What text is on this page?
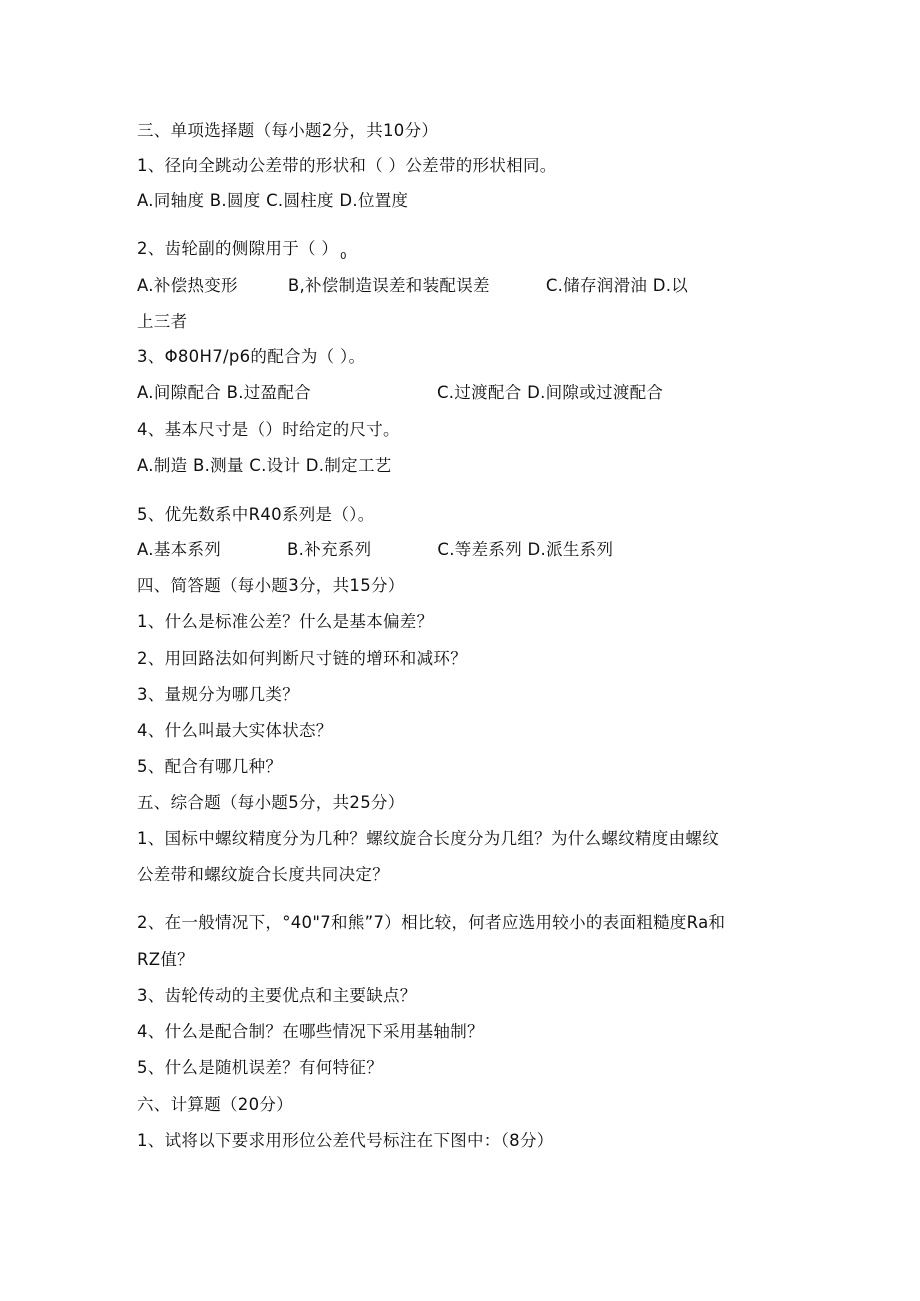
三、单项选择题（每小题2分，共10分）
1、径向全跳动公差带的形状和（ ）公差带的形状相同。
A.同轴度 B.圆度 C.圆柱度 D.位置度
2、齿轮副的侧隙用于（ ） $_0$
A.补偿热变形	B,补偿制造误差和装配误差	C.储存润滑油 D.以
上三者
3、Φ80H7/p6的配合为（ ）。
A.间隙配合 B.过盈配合	C.过渡配合 D.间隙或过渡配合
4、基本尺寸是（）时给定的尺寸。
A.制造 B.测量 C.设计 D.制定工艺
5、优先数系中R40系列是（）。
A.基本系列	B.补充系列	C.等差系列 D.派生系列
四、简答题（每小题3分，共15分）
1、什么是标准公差？什么是基本偏差？
2、用回路法如何判断尺寸链的增环和减环？
3、量规分为哪几类？
4、什么叫最大实体状态？
5、配合有哪几种？
五、综合题（每小题5分，共25分）
1、国标中螺纹精度分为几种？螺纹旋合长度分为几组？为什么螺纹精度由螺纹
公差带和螺纹旋合长度共同决定？
2、在一般情况下，°40"7和熊”7）相比较，何者应选用较小的表面粗糙度Ra和
RZ值？
3、齿轮传动的主要优点和主要缺点？
4、什么是配合制？在哪些情况下采用基轴制？
5、什么是随机误差？有何特征？
六、计算题（20分）
1、试将以下要求用形位公差代号标注在下图中：（8分）
